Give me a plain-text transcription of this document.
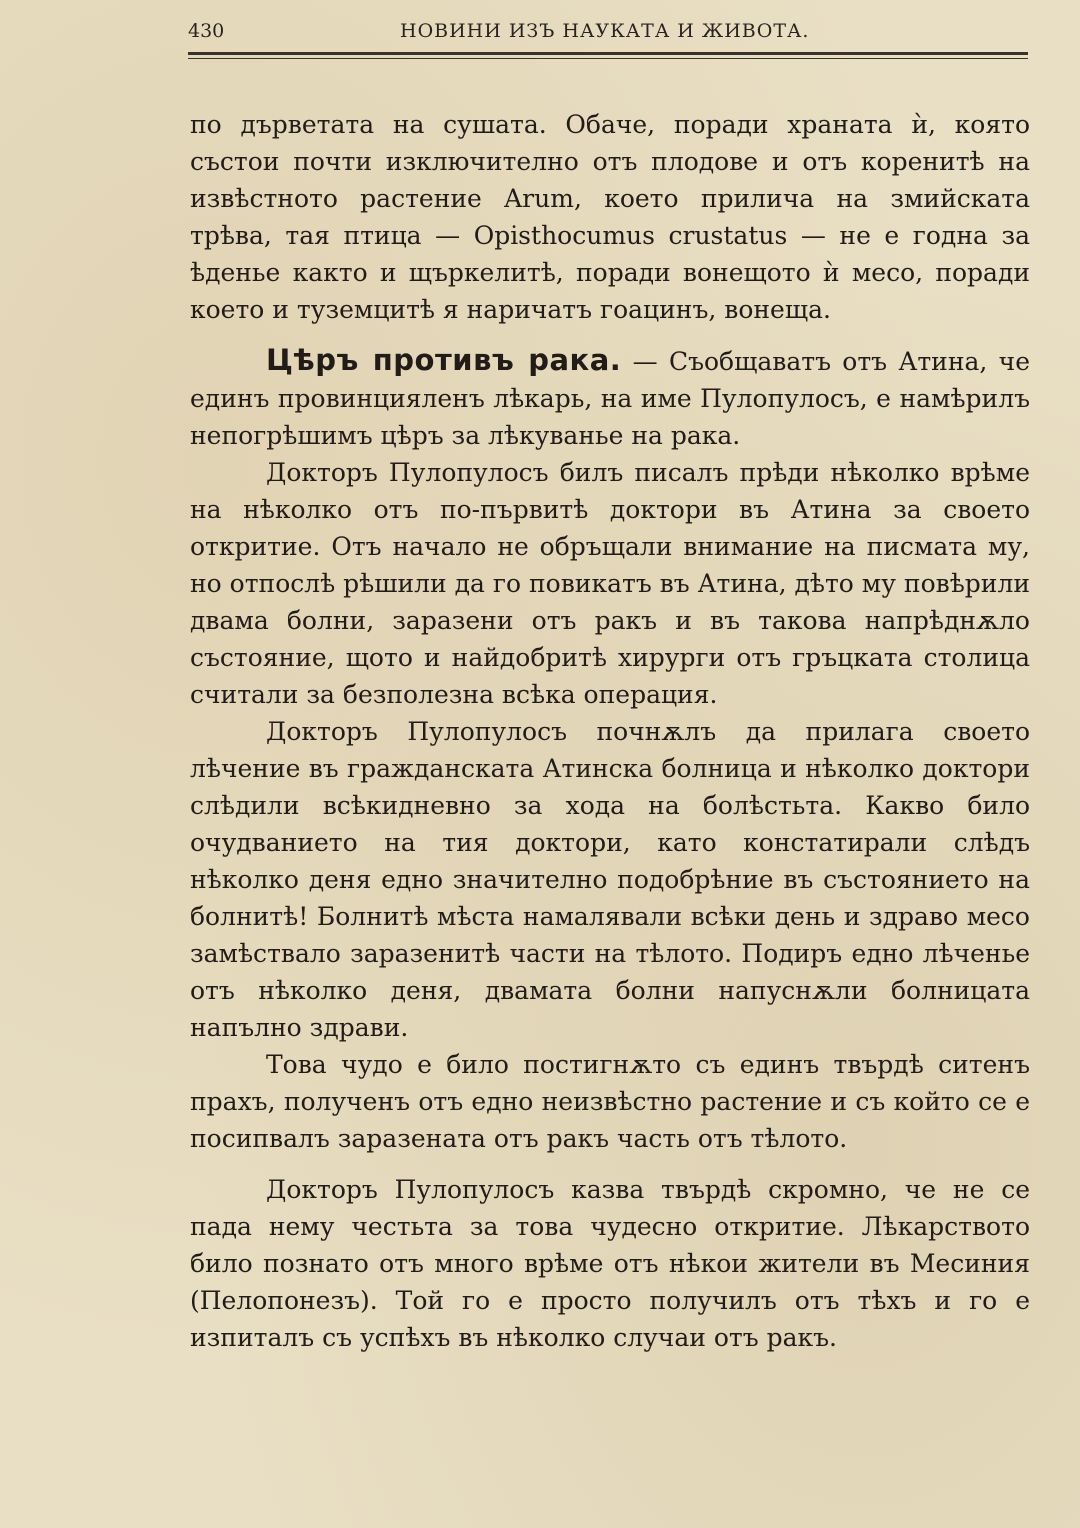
430	НОВИНИ ИЗЪ НАУКАТА И ЖИВОТА.

по дърветата на сушата. Обаче, поради храната ѝ, която състои почти изключително отъ плодове и отъ коренитѣ на извѣстното растение Arum, което прилича на змийската трѣва, тая птица — Opisthocumus crustatus — не е годна за ѣденье както и щъркелитѣ, поради вонещото ѝ месо, поради което и туземцитѣ я наричатъ гоацинъ, вонеща.

Цѣръ противъ рака. — Съобщаватъ отъ Атина, че единъ провинцияленъ лѣкарь, на име Пулопулосъ, е намѣрилъ непогрѣшимъ цѣръ за лѣкуванье на рака.

Докторъ Пулопулосъ билъ писалъ прѣди нѣколко врѣме на нѣколко отъ по-първитѣ доктори въ Атина за своето откритие. Отъ начало не обръщали внимание на писмата му, но отпослѣ рѣшили да го повикатъ въ Атина, дѣто му повѣрили двама болни, заразени отъ ракъ и въ такова напрѣднѫло състояние, щото и найдобритѣ хирурги отъ гръцката столица считали за безполезна всѣка операция.

Докторъ Пулопулосъ почнѫлъ да прилага своето лѣчение въ гражданската Атинска болница и нѣколко доктори слѣдили всѣкидневно за хода на болѣстьта. Какво било очудванието на тия доктори, като констатирали слѣдъ нѣколко деня едно значително подобрѣние въ състоянието на болнитѣ! Болнитѣ мѣста намалявали всѣки день и здраво месо замѣствало заразенитѣ части на тѣлото. Подиръ едно лѣченье отъ нѣколко деня, двамата болни напуснѫли болницата напълно здрави.

Това чудо е било постигнѫто съ единъ твърдѣ ситенъ прахъ, полученъ отъ едно неизвѣстно растение и съ който се е посипвалъ заразената отъ ракъ часть отъ тѣлото.

Докторъ Пулопулосъ казва твърдѣ скромно, че не се пада нему честьта за това чудесно откритие. Лѣкарството било познато отъ много врѣме отъ нѣкои жители въ Месиния (Пелопонезъ). Той го е просто получилъ отъ тѣхъ и го е изпиталъ съ успѣхъ въ нѣколко случаи отъ ракъ.
